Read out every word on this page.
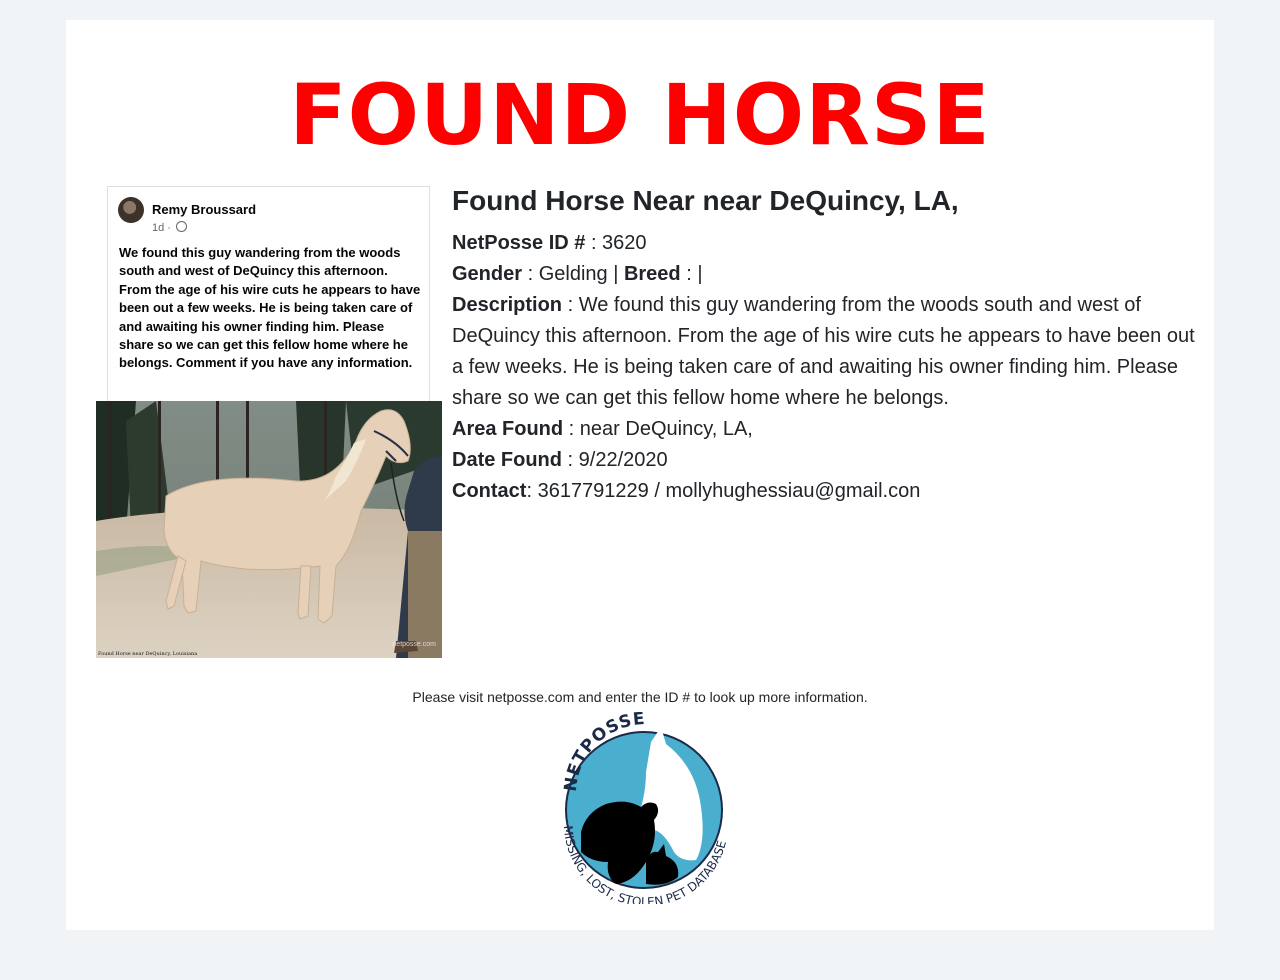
FOUND HORSE
Remy Broussard
1d ·
We found this guy wandering from the woods south and west of DeQuincy this afternoon. From the age of his wire cuts he appears to have been out a few weeks. He is being taken care of and awaiting his owner finding him. Please share so we can get this fellow home where he belongs. Comment if you have any information.
Found Horse near DeQuincy, Louisiana
netposse.com
Found Horse Near near DeQuincy, LA,
NetPosse ID # : 3620
Gender : Gelding | Breed : |
Description : We found this guy wandering from the woods south and west of DeQuincy this afternoon. From the age of his wire cuts he appears to have been out a few weeks. He is being taken care of and awaiting his owner finding him. Please share so we can get this fellow home where he belongs.
Area Found : near DeQuincy, LA,
Date Found : 9/22/2020
Contact: 3617791229 / mollyhughessiau@gmail.con
Please visit netposse.com and enter the ID # to look up more information.
NETPOSSE
MISSING, LOST, STOLEN PET DATABASE
